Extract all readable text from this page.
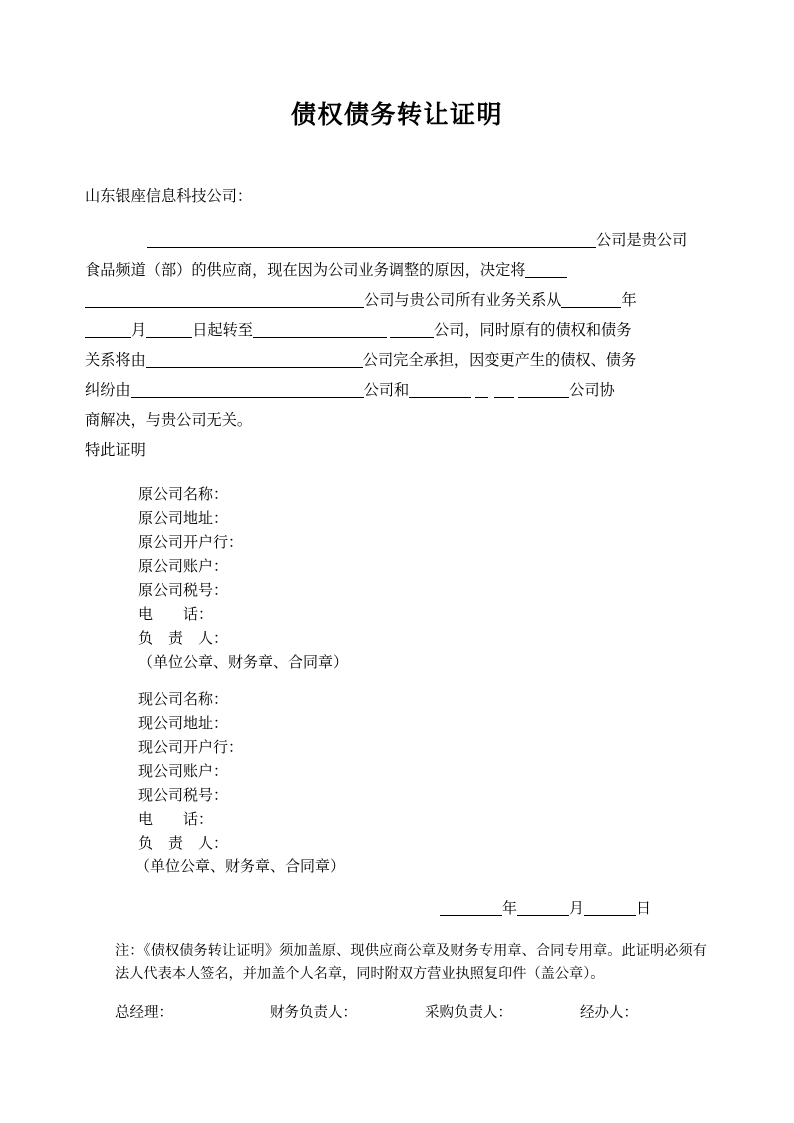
债权债务转让证明
山东银座信息科技公司：
公司是贵公司
食品频道（部）的供应商，现在因为公司业务调整的原因，决定将
公司与贵公司所有业务关系从	年
月	日起转至	公司，同时原有的债权和债务
关系将由	公司完全承担，因变更产生的债权、债务
纠纷由	公司和	公司协
商解决，与贵公司无关。
特此证明
原公司名称：
原公司地址：
原公司开户行：
原公司账户：
原公司税号：
电        话：
负    责    人：
（单位公章、财务章、合同章）
现公司名称：
现公司地址：
现公司开户行：
现公司账户：
现公司税号：
电        话：
负    责    人：
（单位公章、财务章、合同章）
年	月	日
注：《债权债务转让证明》须加盖原、现供应商公章及财务专用章、合同专用章。此证明必须有法人代表本人签名，并加盖个人名章，同时附双方营业执照复印件（盖公章）。
总经理：	财务负责人：	采购负责人：	经办人：
